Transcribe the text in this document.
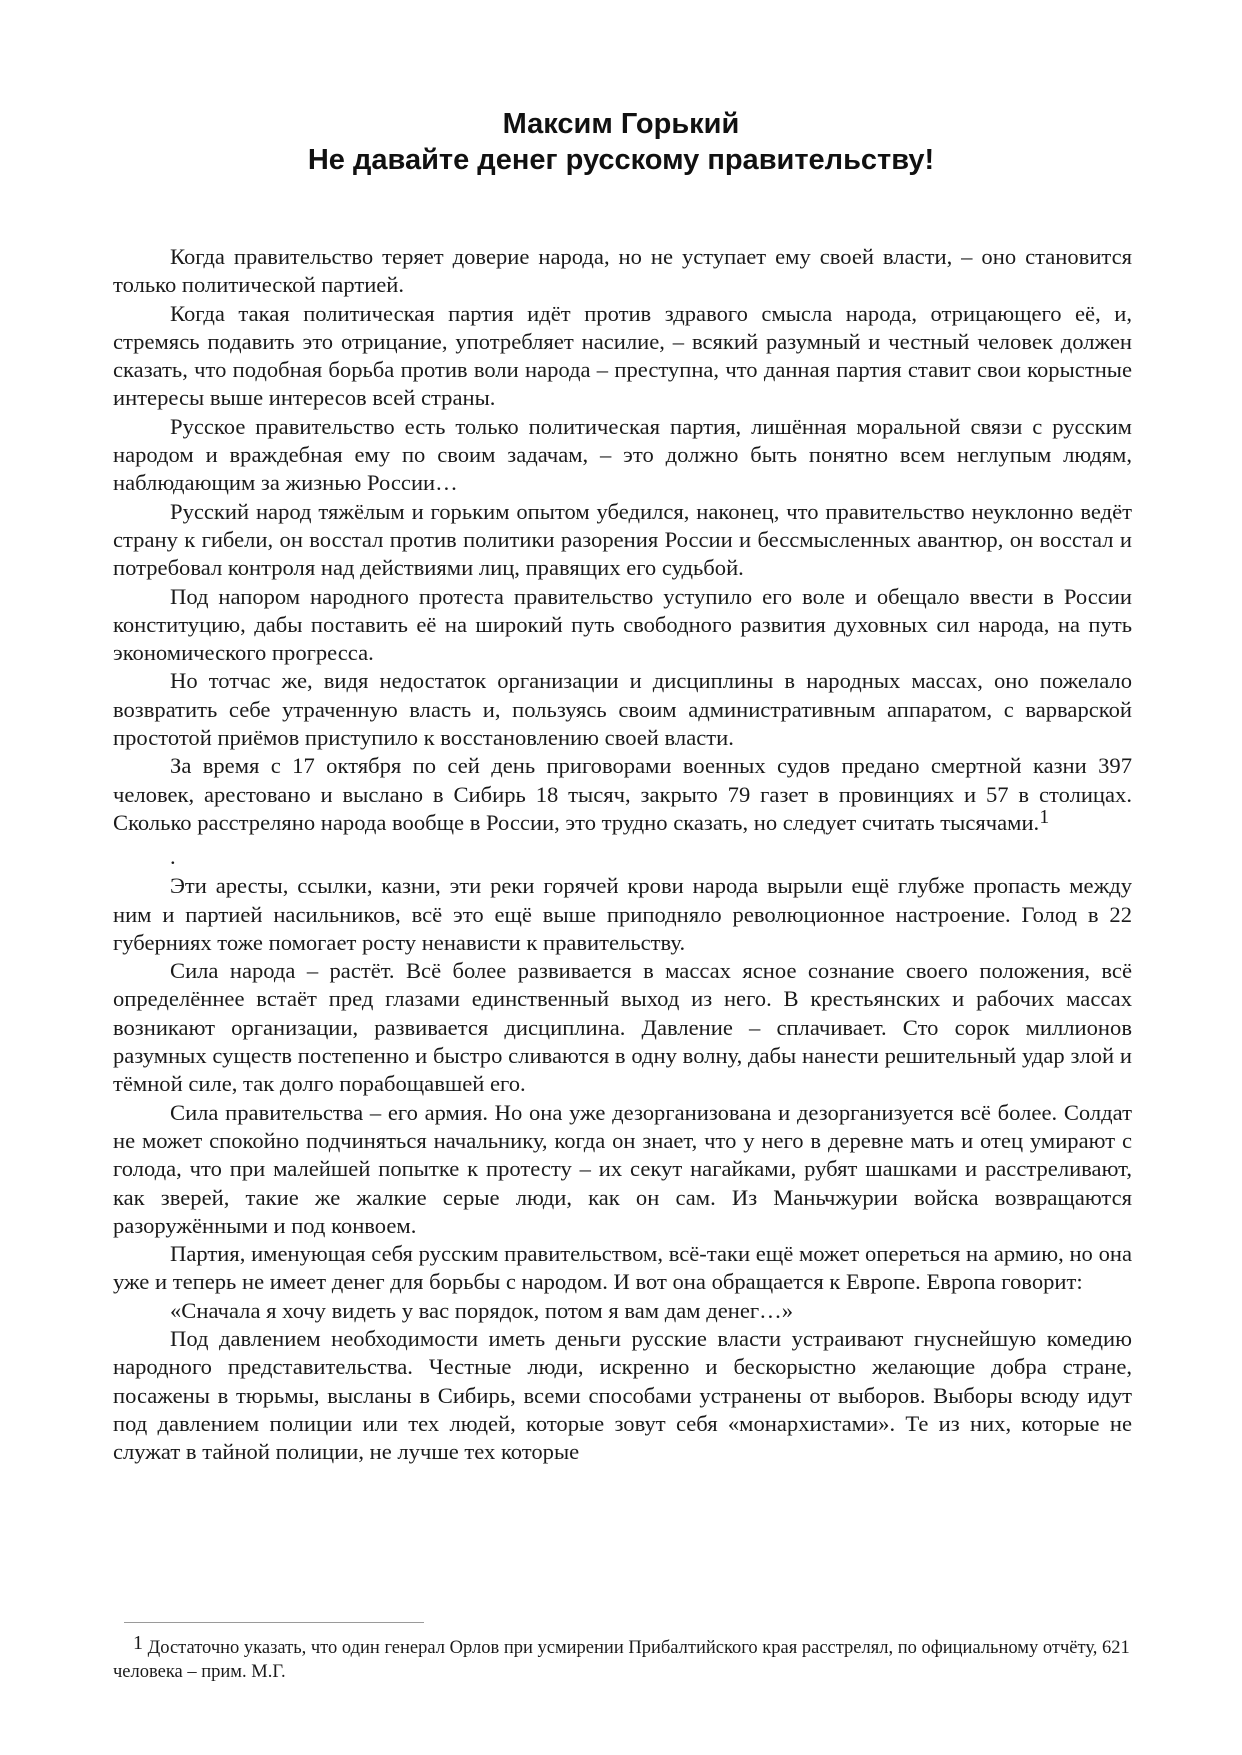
Максим Горький
Не давайте денег русскому правительству!

Когда правительство теряет доверие народа, но не уступает ему своей власти, – оно становится только политической партией.

Когда такая политическая партия идёт против здравого смысла народа, отрицающего её, и, стремясь подавить это отрицание, употребляет насилие, – всякий разумный и честный человек должен сказать, что подобная борьба против воли народа – преступна, что данная партия ставит свои корыстные интересы выше интересов всей страны.

Русское правительство есть только политическая партия, лишённая моральной связи с русским народом и враждебная ему по своим задачам, – это должно быть понятно всем неглупым людям, наблюдающим за жизнью России…

Русский народ тяжёлым и горьким опытом убедился, наконец, что правительство неуклонно ведёт страну к гибели, он восстал против политики разорения России и бессмысленных авантюр, он восстал и потребовал контроля над действиями лиц, правящих его судьбой.

Под напором народного протеста правительство уступило его воле и обещало ввести в России конституцию, дабы поставить её на широкий путь свободного развития духовных сил народа, на путь экономического прогресса.

Но тотчас же, видя недостаток организации и дисциплины в народных массах, оно пожелало возвратить себе утраченную власть и, пользуясь своим административным аппаратом, с варварской простотой приёмов приступило к восстановлению своей власти.

За время с 17 октября по сей день приговорами военных судов предано смертной казни 397 человек, арестовано и выслано в Сибирь 18 тысяч, закрыто 79 газет в провинциях и 57 в столицах. Сколько расстреляно народа вообще в России, это трудно сказать, но следует считать тысячами.1

.

Эти аресты, ссылки, казни, эти реки горячей крови народа вырыли ещё глубже пропасть между ним и партией насильников, всё это ещё выше приподняло революционное настроение. Голод в 22 губерниях тоже помогает росту ненависти к правительству.

Сила народа – растёт. Всё более развивается в массах ясное сознание своего положения, всё определённее встаёт пред глазами единственный выход из него. В крестьянских и рабочих массах возникают организации, развивается дисциплина. Давление – сплачивает. Сто сорок миллионов разумных существ постепенно и быстро сливаются в одну волну, дабы нанести решительный удар злой и тёмной силе, так долго порабощавшей его.

Сила правительства – его армия. Но она уже дезорганизована и дезорганизуется всё более. Солдат не может спокойно подчиняться начальнику, когда он знает, что у него в деревне мать и отец умирают с голода, что при малейшей попытке к протесту – их секут нагайками, рубят шашками и расстреливают, как зверей, такие же жалкие серые люди, как он сам. Из Маньчжурии войска возвращаются разоружёнными и под конвоем.

Партия, именующая себя русским правительством, всё-таки ещё может опереться на армию, но она уже и теперь не имеет денег для борьбы с народом. И вот она обращается к Европе. Европа говорит:

«Сначала я хочу видеть у вас порядок, потом я вам дам денег…»

Под давлением необходимости иметь деньги русские власти устраивают гнуснейшую комедию народного представительства. Честные люди, искренно и бескорыстно желающие добра стране, посажены в тюрьмы, высланы в Сибирь, всеми способами устранены от выборов. Выборы всюду идут под давлением полиции или тех людей, которые зовут себя «монархистами». Те из них, которые не служат в тайной полиции, не лучше тех которые

1 Достаточно указать, что один генерал Орлов при усмирении Прибалтийского края расстрелял, по официальному отчёту, 621 человека – прим. М.Г.
